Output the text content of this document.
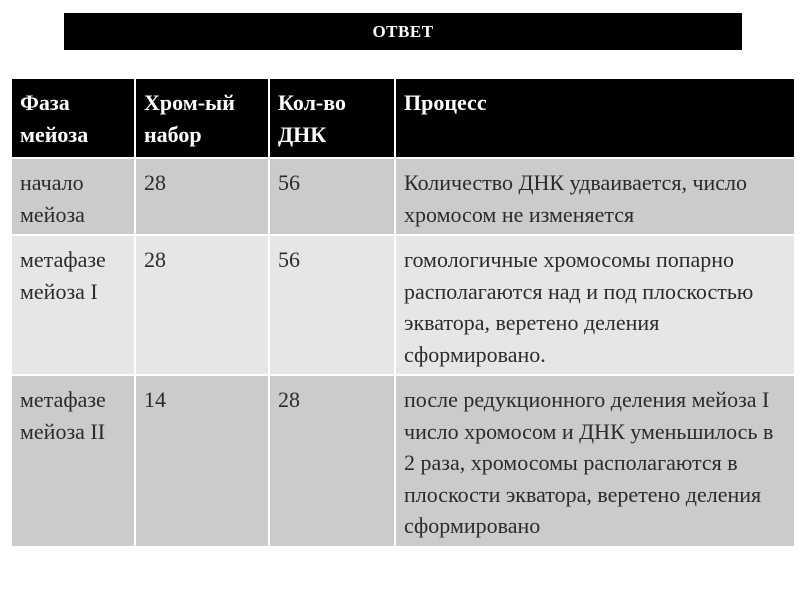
ОТВЕТ
Фаза мейоза	Хром-ый набор	Кол-во ДНК	Процесс
начало мейоза	28	56	Количество ДНК удваивается, число хромосом не изменяется
метафазе мейоза I	28	56	гомологичные хромосомы попарно располагаются над и под плоскостью экватора, веретено деления сформировано.
метафазе мейоза II	14	28	после редукционного деления мейоза I число хромосом и ДНК уменьшилось в 2 раза, хромосомы располагаются в плоскости экватора, веретено деления сформировано
